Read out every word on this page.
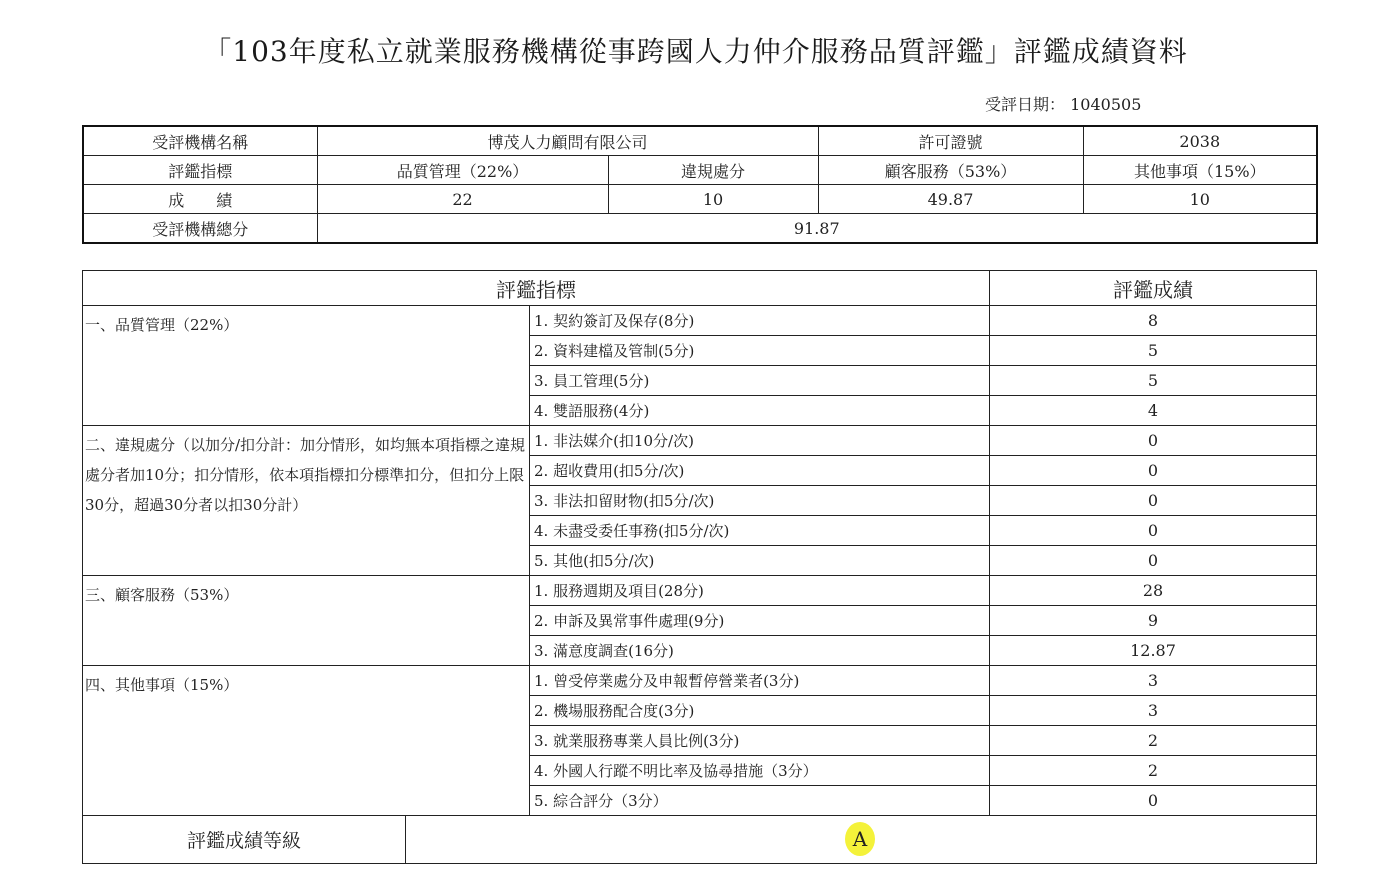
「103年度私立就業服務機構從事跨國人力仲介服務品質評鑑」評鑑成績資料
受評日期： 1040505
受評機構名稱	博茂人力顧問有限公司		許可證號	2038
評鑑指標	品質管理（22%）	違規處分	顧客服務（53%）	其他事項（15%）
成　　績	22	10	49.87	10
受評機構總分	91.87			
評鑑指標		評鑑成績
一、品質管理（22%）	1. 契約簽訂及保存(8分)	8
	2. 資料建檔及管制(5分)	5
	3. 員工管理(5分)	5
	4. 雙語服務(4分)	4
二、違規處分（以加分/扣分計：加分情形，如均無本項指標之違規處分者加10分；扣分情形，依本項指標扣分標準扣分，但扣分上限30分，超過30分者以扣30分計）	1. 非法媒介(扣10分/次)	0
	2. 超收費用(扣5分/次)	0
	3. 非法扣留財物(扣5分/次)	0
	4. 未盡受委任事務(扣5分/次)	0
	5. 其他(扣5分/次)	0
三、顧客服務（53%）	1. 服務週期及項目(28分)	28
	2. 申訴及異常事件處理(9分)	9
	3. 滿意度調查(16分)	12.87
四、其他事項（15%）	1. 曾受停業處分及申報暫停營業者(3分)	3
	2. 機場服務配合度(3分)	3
	3. 就業服務專業人員比例(3分)	2
	4. 外國人行蹤不明比率及協尋措施（3分）	2
	5. 綜合評分（3分）	0
評鑑成績等級		A
